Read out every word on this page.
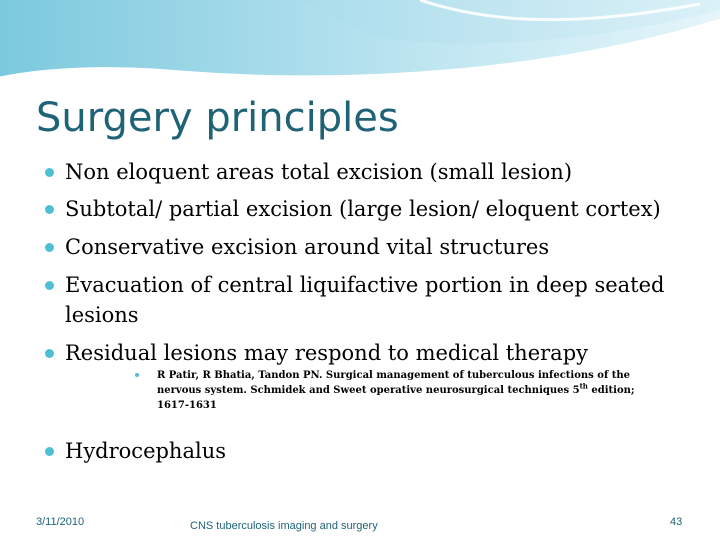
Surgery principles
Non eloquent areas total excision (small lesion)
Subtotal/ partial excision (large lesion/ eloquent cortex)
Conservative excision around vital structures
Evacuation of central liquifactive portion in deep seated lesions
Residual lesions may respond to medical therapy
R Patir, R Bhatia, Tandon PN. Surgical management of tuberculous infections of the nervous system. Schmidek and Sweet operative neurosurgical techniques 5th edition; 1617-1631
Hydrocephalus
3/11/2010	CNS tuberculosis imaging and surgery	43
